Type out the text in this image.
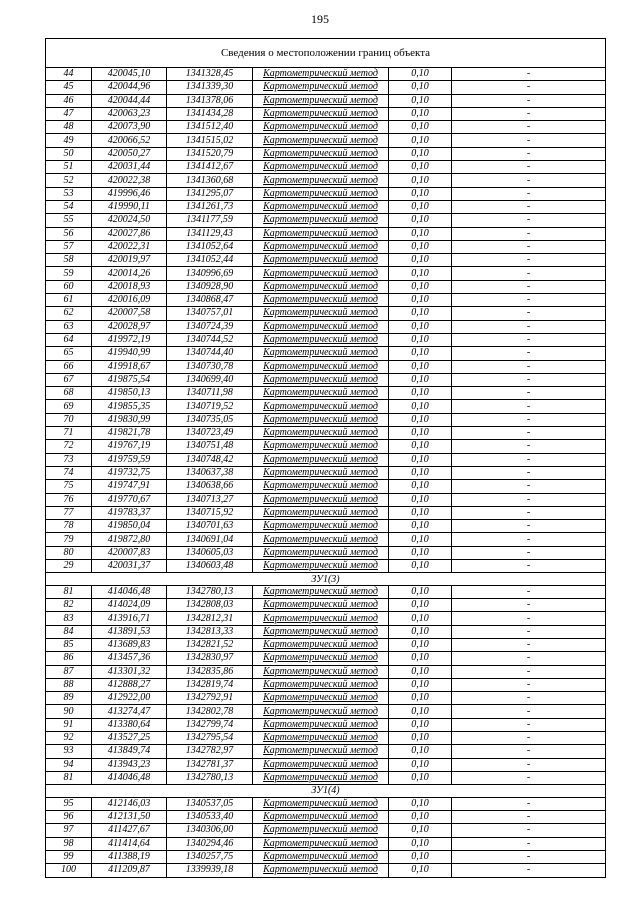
195
Сведения о местоположении границ объекта					
44	420045,10	1341328,45	Картометрический метод	0,10	-
45	420044,96	1341339,30	Картометрический метод	0,10	-
46	420044,44	1341378,06	Картометрический метод	0,10	-
47	420063,23	1341434,28	Картометрический метод	0,10	-
48	420073,90	1341512,40	Картометрический метод	0,10	-
49	420066,52	1341515,02	Картометрический метод	0,10	-
50	420050,27	1341520,79	Картометрический метод	0,10	-
51	420031,44	1341412,67	Картометрический метод	0,10	-
52	420022,38	1341360,68	Картометрический метод	0,10	-
53	419996,46	1341295,07	Картометрический метод	0,10	-
54	419990,11	1341261,73	Картометрический метод	0,10	-
55	420024,50	1341177,59	Картометрический метод	0,10	-
56	420027,86	1341129,43	Картометрический метод	0,10	-
57	420022,31	1341052,64	Картометрический метод	0,10	-
58	420019,97	1341052,44	Картометрический метод	0,10	-
59	420014,26	1340996,69	Картометрический метод	0,10	-
60	420018,93	1340928,90	Картометрический метод	0,10	-
61	420016,09	1340868,47	Картометрический метод	0,10	-
62	420007,58	1340757,01	Картометрический метод	0,10	-
63	420028,97	1340724,39	Картометрический метод	0,10	-
64	419972,19	1340744,52	Картометрический метод	0,10	-
65	419940,99	1340744,40	Картометрический метод	0,10	-
66	419918,67	1340730,78	Картометрический метод	0,10	-
67	419875,54	1340699,40	Картометрический метод	0,10	-
68	419850,13	1340711,98	Картометрический метод	0,10	-
69	419855,35	1340719,52	Картометрический метод	0,10	-
70	419830,99	1340735,05	Картометрический метод	0,10	-
71	419821,78	1340723,49	Картометрический метод	0,10	-
72	419767,19	1340751,48	Картометрический метод	0,10	-
73	419759,59	1340748,42	Картометрический метод	0,10	-
74	419732,75	1340637,38	Картометрический метод	0,10	-
75	419747,91	1340638,66	Картометрический метод	0,10	-
76	419770,67	1340713,27	Картометрический метод	0,10	-
77	419783,37	1340715,92	Картометрический метод	0,10	-
78	419850,04	1340701,63	Картометрический метод	0,10	-
79	419872,80	1340691,04	Картометрический метод	0,10	-
80	420007,83	1340605,03	Картометрический метод	0,10	-
29	420031,37	1340603,48	Картометрический метод	0,10	-
ЗУ1(3)					
81	414046,48	1342780,13	Картометрический метод	0,10	-
82	414024,09	1342808,03	Картометрический метод	0,10	-
83	413916,71	1342812,31	Картометрический метод	0,10	-
84	413891,53	1342813,33	Картометрический метод	0,10	-
85	413689,83	1342821,52	Картометрический метод	0,10	-
86	413457,36	1342830,97	Картометрический метод	0,10	-
87	413301,32	1342835,86	Картометрический метод	0,10	-
88	412888,27	1342819,74	Картометрический метод	0,10	-
89	412922,00	1342792,91	Картометрический метод	0,10	-
90	413274,47	1342802,78	Картометрический метод	0,10	-
91	413380,64	1342799,74	Картометрический метод	0,10	-
92	413527,25	1342795,54	Картометрический метод	0,10	-
93	413849,74	1342782,97	Картометрический метод	0,10	-
94	413943,23	1342781,37	Картометрический метод	0,10	-
81	414046,48	1342780,13	Картометрический метод	0,10	-
ЗУ1(4)					
95	412146,03	1340537,05	Картометрический метод	0,10	-
96	412131,50	1340533,40	Картометрический метод	0,10	-
97	411427,67	1340306,00	Картометрический метод	0,10	-
98	411414,64	1340294,46	Картометрический метод	0,10	-
99	411388,19	1340257,75	Картометрический метод	0,10	-
100	411209,87	1339939,18	Картометрический метод	0,10	-
